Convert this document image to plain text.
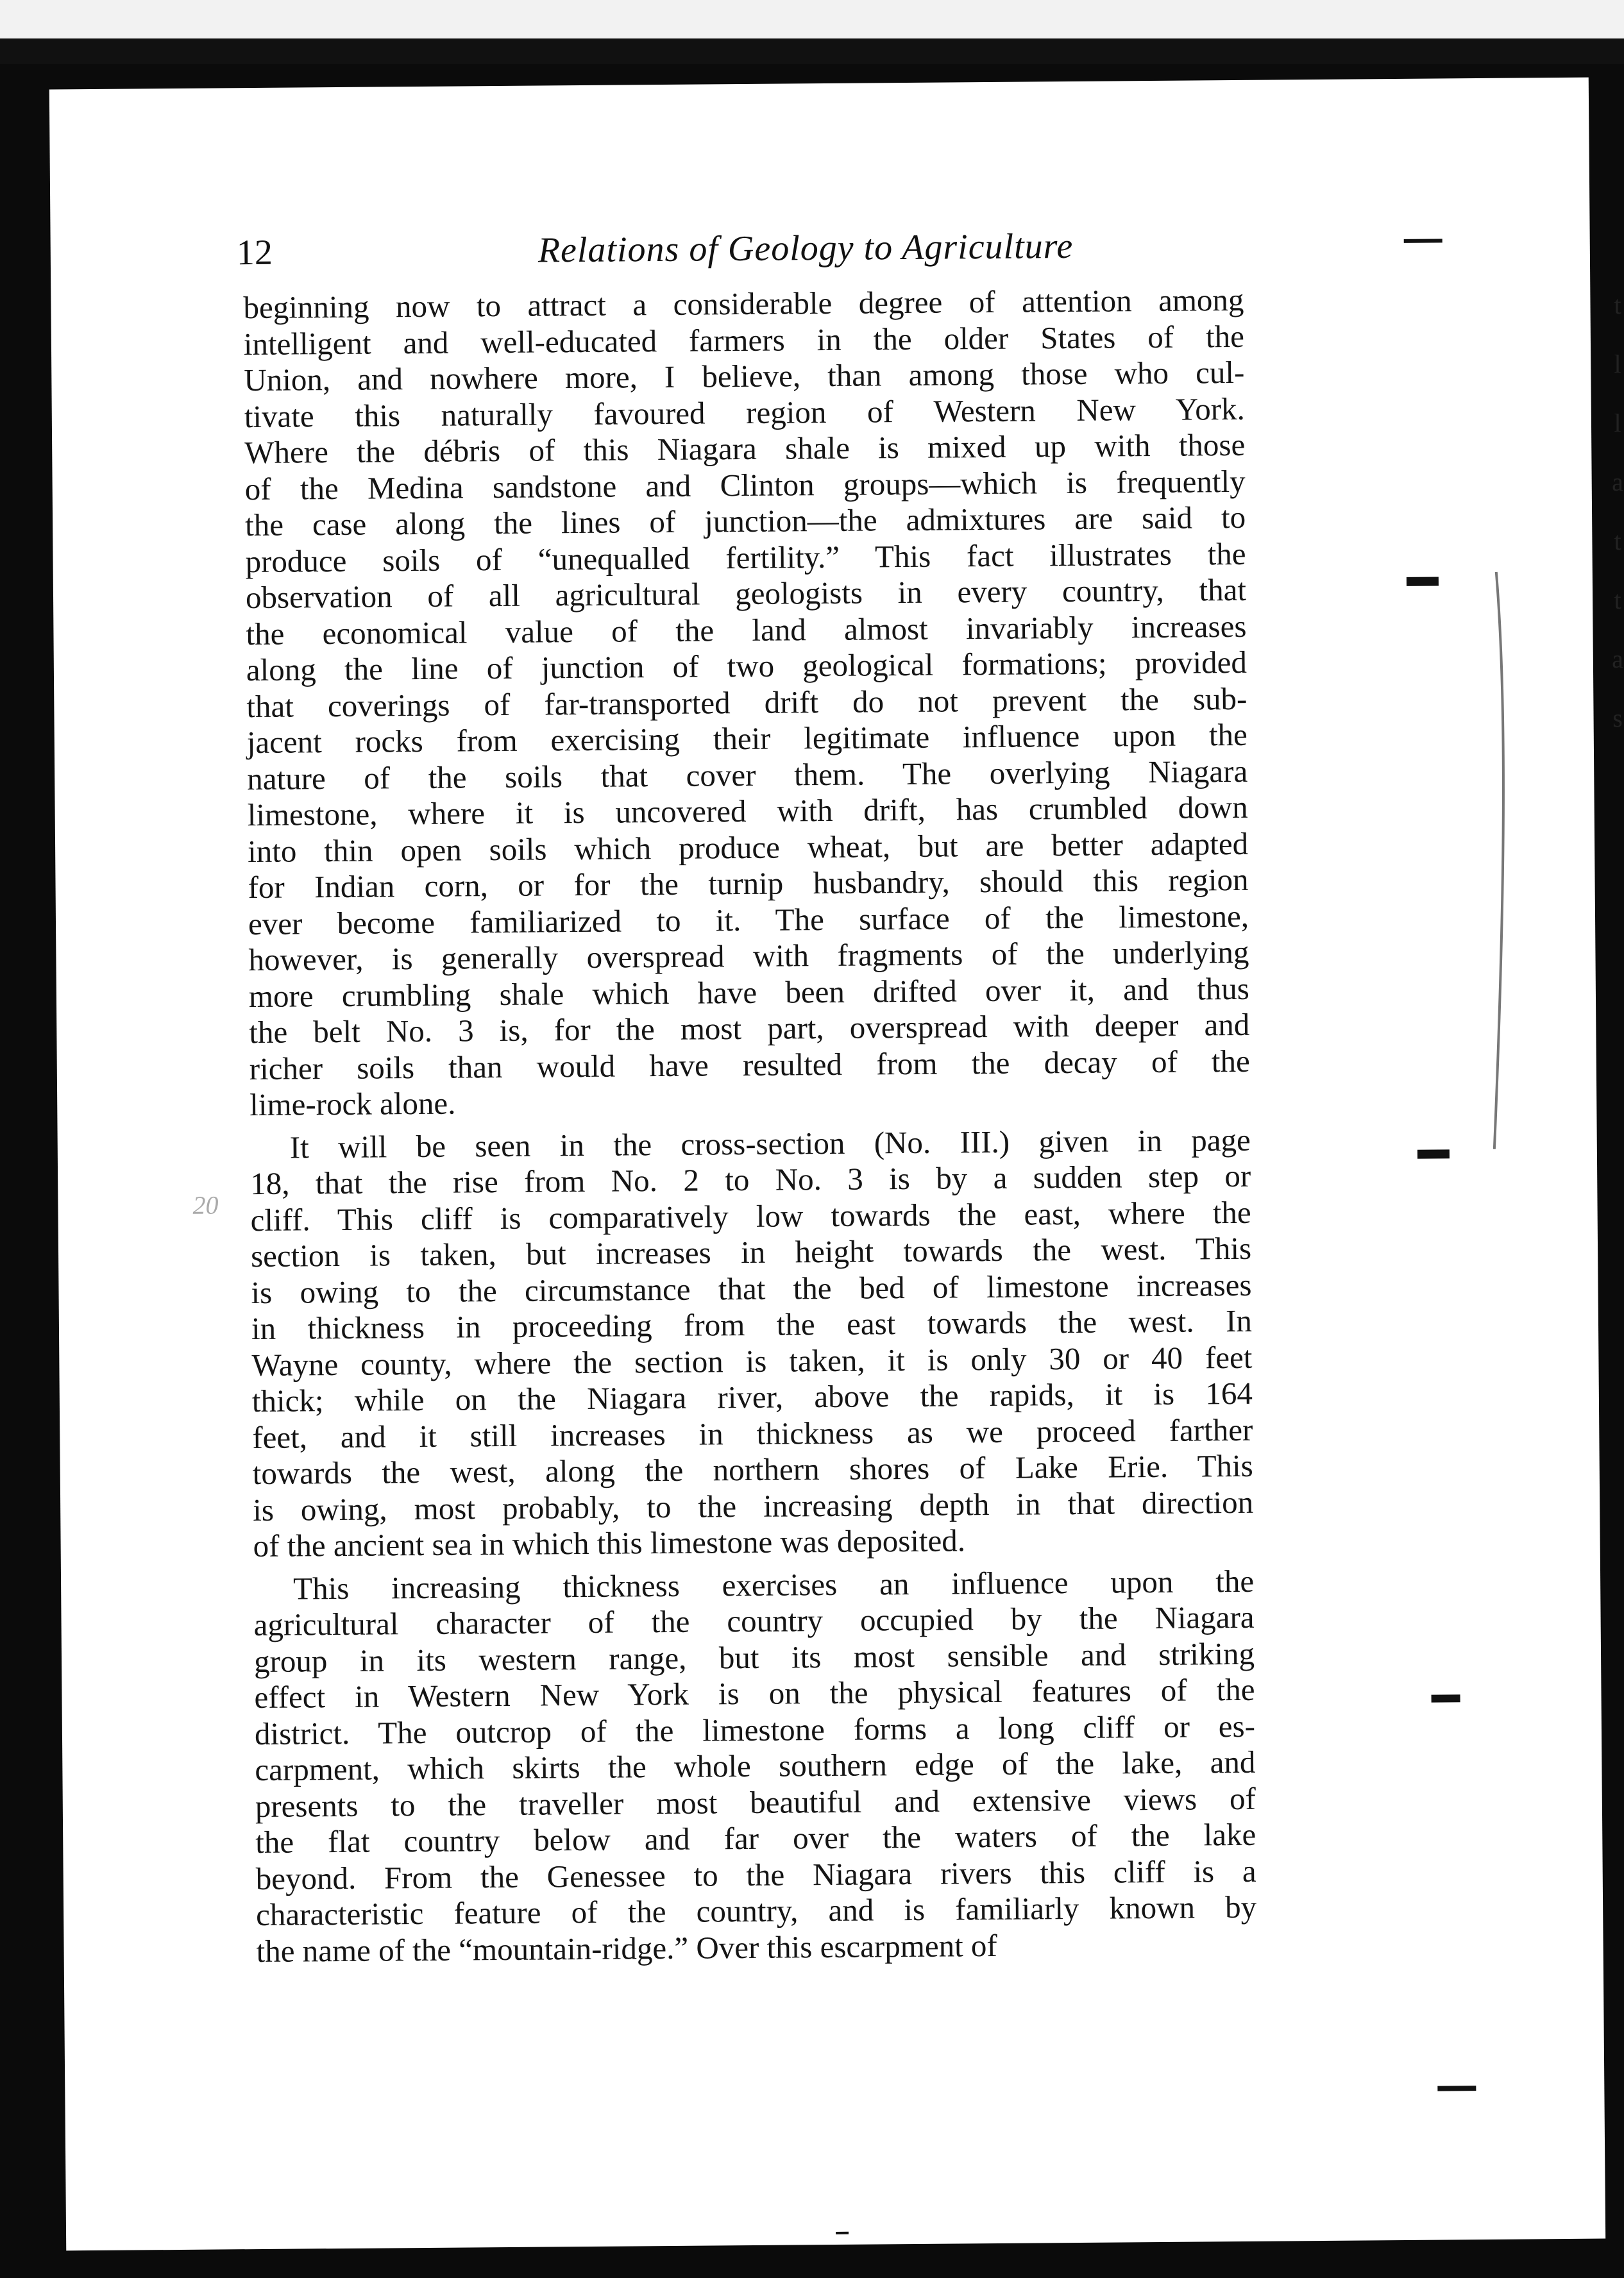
12	Relations of Geology to Agriculture
20
beginning now to attract a considerable degree of attention among
intelligent and well-educated farmers in the older States of the
Union, and nowhere more, I believe, than among those who cul-
tivate this naturally favoured region of Western New York.
Where the débris of this Niagara shale is mixed up with those
of the Medina sandstone and Clinton groups—which is frequently
the case along the lines of junction—the admixtures are said to
produce soils of “unequalled fertility.” This fact illustrates the
observation of all agricultural geologists in every country, that
the economical value of the land almost invariably increases
along the line of junction of two geological formations; provided
that coverings of far-transported drift do not prevent the sub-
jacent rocks from exercising their legitimate influence upon the
nature of the soils that cover them. The overlying Niagara
limestone, where it is uncovered with drift, has crumbled down
into thin open soils which produce wheat, but are better adapted
for Indian corn, or for the turnip husbandry, should this region
ever become familiarized to it. The surface of the limestone,
however, is generally overspread with fragments of the underlying
more crumbling shale which have been drifted over it, and thus
the belt No. 3 is, for the most part, overspread with deeper and
richer soils than would have resulted from the decay of the
lime-rock alone.
It will be seen in the cross-section (No. III.) given in page
18, that the rise from No. 2 to No. 3 is by a sudden step or
cliff. This cliff is comparatively low towards the east, where the
section is taken, but increases in height towards the west. This
is owing to the circumstance that the bed of limestone increases
in thickness in proceeding from the east towards the west. In
Wayne county, where the section is taken, it is only 30 or 40 feet
thick; while on the Niagara river, above the rapids, it is 164
feet, and it still increases in thickness as we proceed farther
towards the west, along the northern shores of Lake Erie. This
is owing, most probably, to the increasing depth in that direction
of the ancient sea in which this limestone was deposited.
This increasing thickness exercises an influence upon the
agricultural character of the country occupied by the Niagara
group in its western range, but its most sensible and striking
effect in Western New York is on the physical features of the
district. The outcrop of the limestone forms a long cliff or es-
carpment, which skirts the whole southern edge of the lake, and
presents to the traveller most beautiful and extensive views of
the flat country below and far over the waters of the lake
beyond. From the Genessee to the Niagara rivers this cliff is a
characteristic feature of the country, and is familiarly known by
the name of the “mountain-ridge.” Over this escarpment of
t
l
l
a
t
t
a
s
